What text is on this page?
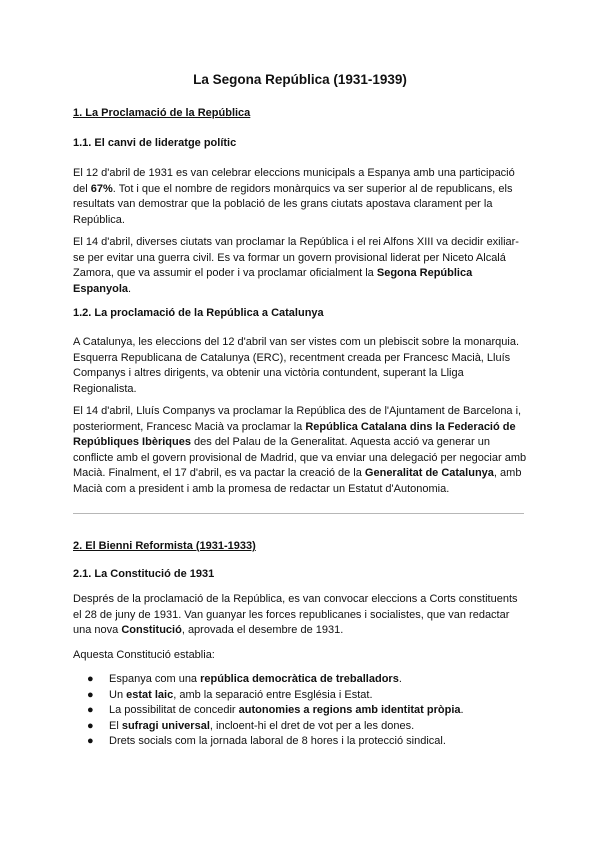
La Segona República (1931-1939)
1. La Proclamació de la República
1.1. El canvi de lideratge polític
El 12 d'abril de 1931 es van celebrar eleccions municipals a Espanya amb una participació del 67%. Tot i que el nombre de regidors monàrquics va ser superior al de republicans, els resultats van demostrar que la població de les grans ciutats apostava clarament per la República.
El 14 d'abril, diverses ciutats van proclamar la República i el rei Alfons XIII va decidir exiliar-se per evitar una guerra civil. Es va formar un govern provisional liderat per Niceto Alcalá Zamora, que va assumir el poder i va proclamar oficialment la Segona República Espanyola.
1.2. La proclamació de la República a Catalunya
A Catalunya, les eleccions del 12 d'abril van ser vistes com un plebiscit sobre la monarquia. Esquerra Republicana de Catalunya (ERC), recentment creada per Francesc Macià, Lluís Companys i altres dirigents, va obtenir una victòria contundent, superant la Lliga Regionalista.
El 14 d'abril, Lluís Companys va proclamar la República des de l'Ajuntament de Barcelona i, posteriorment, Francesc Macià va proclamar la República Catalana dins la Federació de Repúbliques Ibèriques des del Palau de la Generalitat. Aquesta acció va generar un conflicte amb el govern provisional de Madrid, que va enviar una delegació per negociar amb Macià. Finalment, el 17 d'abril, es va pactar la creació de la Generalitat de Catalunya, amb Macià com a president i amb la promesa de redactar un Estatut d'Autonomia.
2. El Bienni Reformista (1931-1933)
2.1. La Constitució de 1931
Després de la proclamació de la República, es van convocar eleccions a Corts constituents el 28 de juny de 1931. Van guanyar les forces republicanes i socialistes, que van redactar una nova Constitució, aprovada el desembre de 1931.
Aquesta Constitució establia:
● Espanya com una república democràtica de treballadors.
● Un estat laic, amb la separació entre Església i Estat.
● La possibilitat de concedir autonomies a regions amb identitat pròpia.
● El sufragi universal, incloent-hi el dret de vot per a les dones.
● Drets socials com la jornada laboral de 8 hores i la protecció sindical.
